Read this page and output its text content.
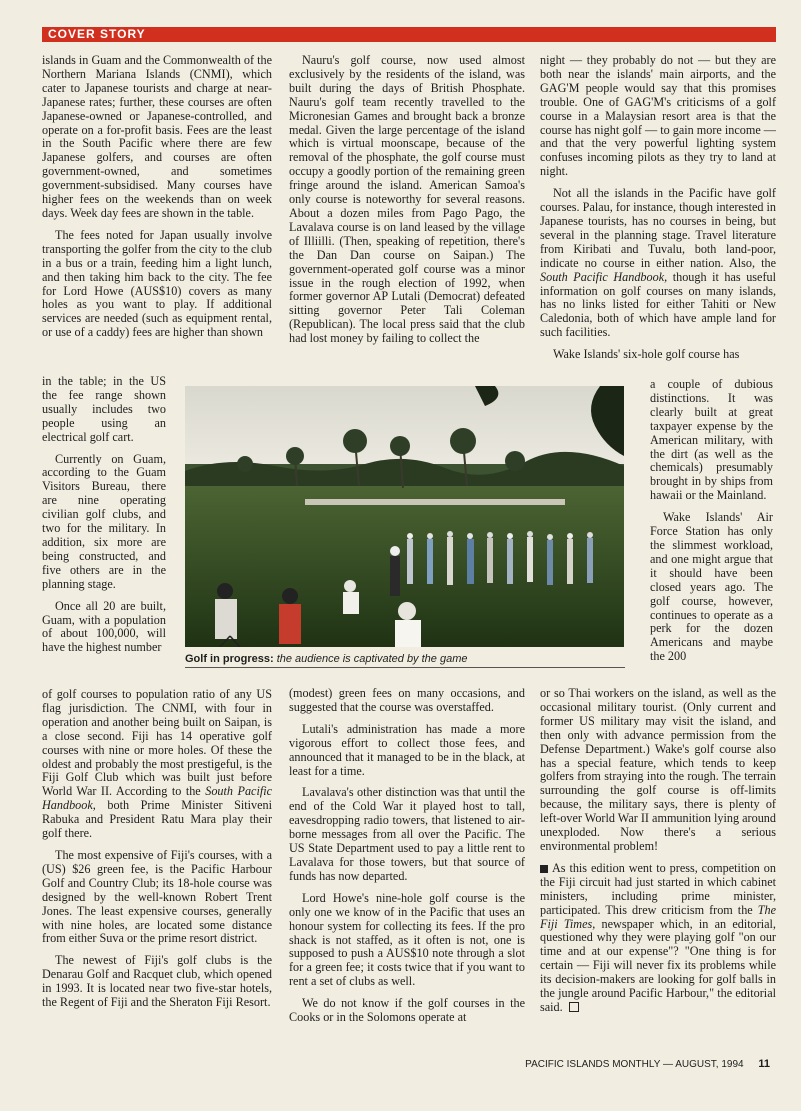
COVER STORY

islands in Guam and the Commonwealth of the Northern Mariana Islands (CNMI), which cater to Japanese tourists and charge at near-Japanese rates; further, these courses are often Japanese-owned or Japanese-controlled, and operate on a for-profit basis. Fees are the least in the South Pacific where there are few Japanese golfers, and courses are often government-owned, and sometimes government-subsidised. Many courses have higher fees on the weekends than on week days. Week day fees are shown in the table.

The fees noted for Japan usually involve transporting the golfer from the city to the club in a bus or a train, feeding him a light lunch, and then taking him back to the city. The fee for Lord Howe (AUS$10) covers as many holes as you want to play. If additional services are needed (such as equipment rental, or use of a caddy) fees are higher than shown

in the table; in the US the fee range shown usually includes two people using an electrical golf cart.

Currently on Guam, according to the Guam Visitors Bureau, there are nine operating civilian golf clubs, and two for the military. In addition, six more are being constructed, and five others are in the planning stage.

Once all 20 are built, Guam, with a population of about 100,000, will have the highest number

of golf courses to population ratio of any US flag jurisdiction. The CNMI, with four in operation and another being built on Saipan, is a close second. Fiji has 14 operative golf courses with nine or more holes. Of these the oldest and probably the most prestigeful, is the Fiji Golf Club which was built just before World War II. According to the South Pacific Handbook, both Prime Minister Sitiveni Rabuka and President Ratu Mara play their golf there.

The most expensive of Fiji's courses, with a (US) $26 green fee, is the Pacific Harbour Golf and Country Club; its 18-hole course was designed by the well-known Robert Trent Jones. The least expensive courses, generally with nine holes, are located some distance from either Suva or the prime resort district.

The newest of Fiji's golf clubs is the Denarau Golf and Racquet club, which opened in 1993. It is located near two five-star hotels, the Regent of Fiji and the Sheraton Fiji Resort.

Nauru's golf course, now used almost exclusively by the residents of the island, was built during the days of British Phosphate. Nauru's golf team recently travelled to the Micronesian Games and brought back a bronze medal. Given the large percentage of the island which is virtual moonscape, because of the removal of the phosphate, the golf course must occupy a goodly portion of the remaining green fringe around the island. American Samoa's only course is noteworthy for several reasons. About a dozen miles from Pago Pago, the Lavalava course is on land leased by the village of Illiilli. (Then, speaking of repetition, there's the Dan Dan course on Saipan.) The government-operated golf course was a minor issue in the rough election of 1992, when former governor AP Lutali (Democrat) defeated sitting governor Peter Tali Coleman (Republican). The local press said that the club had lost money by failing to collect the

Golf in progress: the audience is captivated by the game

(modest) green fees on many occasions, and suggested that the course was overstaffed.

Lutali's administration has made a more vigorous effort to collect those fees, and announced that it managed to be in the black, at least for a time.

Lavalava's other distinction was that until the end of the Cold War it played host to tall, eavesdropping radio towers, that listened to air-borne messages from all over the Pacific. The US State Department used to pay a little rent to Lavalava for those towers, but that source of funds has now departed.

Lord Howe's nine-hole golf course is the only one we know of in the Pacific that uses an honour system for collecting its fees. If the pro shack is not staffed, as it often is not, one is supposed to push a AUS$10 note through a slot for a green fee; it costs twice that if you want to rent a set of clubs as well.

We do not know if the golf courses in the Cooks or in the Solomons operate at

night — they probably do not — but they are both near the islands' main airports, and the GAG'M people would say that this promises trouble. One of GAG'M's criticisms of a golf course in a Malaysian resort area is that the course has night golf — to gain more income — and that the very powerful lighting system confuses incoming pilots as they try to land at night.

Not all the islands in the Pacific have golf courses. Palau, for instance, though interested in Japanese tourists, has no courses in being, but several in the planning stage. Travel literature from Kiribati and Tuvalu, both land-poor, indicate no course in either nation. Also, the South Pacific Handbook, though it has useful information on golf courses on many islands, has no links listed for either Tahiti or New Caledonia, both of which have ample land for such facilities.

Wake Islands' six-hole golf course has

a couple of dubious distinctions. It was clearly built at great taxpayer expense by the American military, with the dirt (as well as the chemicals) presumably brought in by ships from hawaii or the Mainland.

Wake Islands' Air Force Station has only the slimmest workload, and one might argue that it should have been closed years ago. The golf course, however, continues to operate as a perk for the dozen Americans and maybe the 200

or so Thai workers on the island, as well as the occasional military tourist. (Only current and former US military may visit the island, and then only with advance permission from the Defense Department.) Wake's golf course also has a special feature, which tends to keep golfers from straying into the rough. The terrain surrounding the golf course is off-limits because, the military says, there is plenty of left-over World War II ammunition lying around unexploded. Now there's a serious environmental problem!

As this edition went to press, competition on the Fiji circuit had just started in which cabinet ministers, including prime minister, participated. This drew criticism from the The Fiji Times, newspaper which, in an editorial, questioned why they were playing golf "on our time and at our expense"? "One thing is for certain — Fiji will never fix its problems while its decision-makers are looking for golf balls in the jungle around Pacific Harbour," the editorial said.

PACIFIC ISLANDS MONTHLY — AUGUST, 1994 11
